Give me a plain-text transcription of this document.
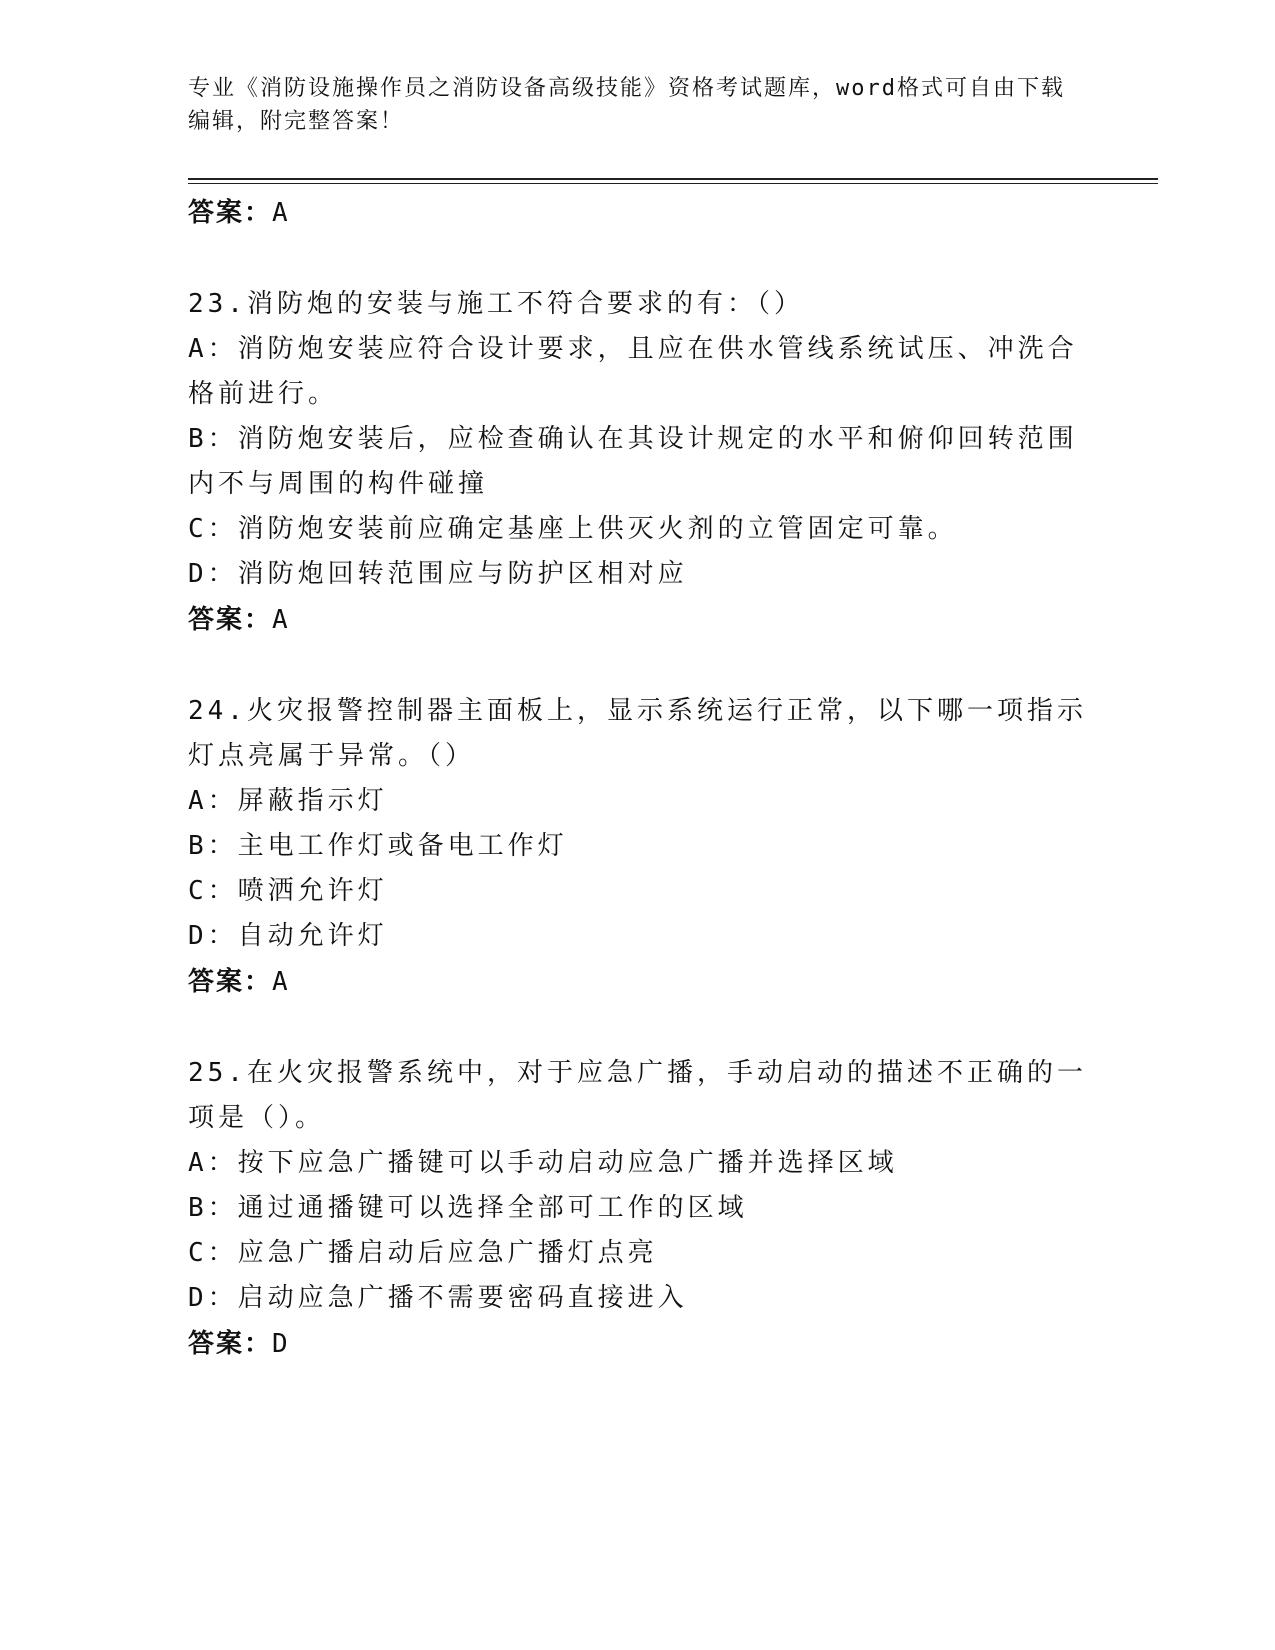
专业《消防设施操作员之消防设备高级技能》资格考试题库，word格式可自由下载编辑，附完整答案！

答案：A

23.消防炮的安装与施工不符合要求的有：（）

A：消防炮安装应符合设计要求，且应在供水管线系统试压、冲洗合格前进行。

B：消防炮安装后，应检查确认在其设计规定的水平和俯仰回转范围内不与周围的构件碰撞

C：消防炮安装前应确定基座上供灭火剂的立管固定可靠。

D：消防炮回转范围应与防护区相对应

答案：A

24.火灾报警控制器主面板上，显示系统运行正常，以下哪一项指示灯点亮属于异常。（）

A：屏蔽指示灯

B：主电工作灯或备电工作灯

C：喷洒允许灯

D：自动允许灯

答案：A

25.在火灾报警系统中，对于应急广播，手动启动的描述不正确的一项是（）。

A：按下应急广播键可以手动启动应急广播并选择区域

B：通过通播键可以选择全部可工作的区域

C：应急广播启动后应急广播灯点亮

D：启动应急广播不需要密码直接进入

答案：D
